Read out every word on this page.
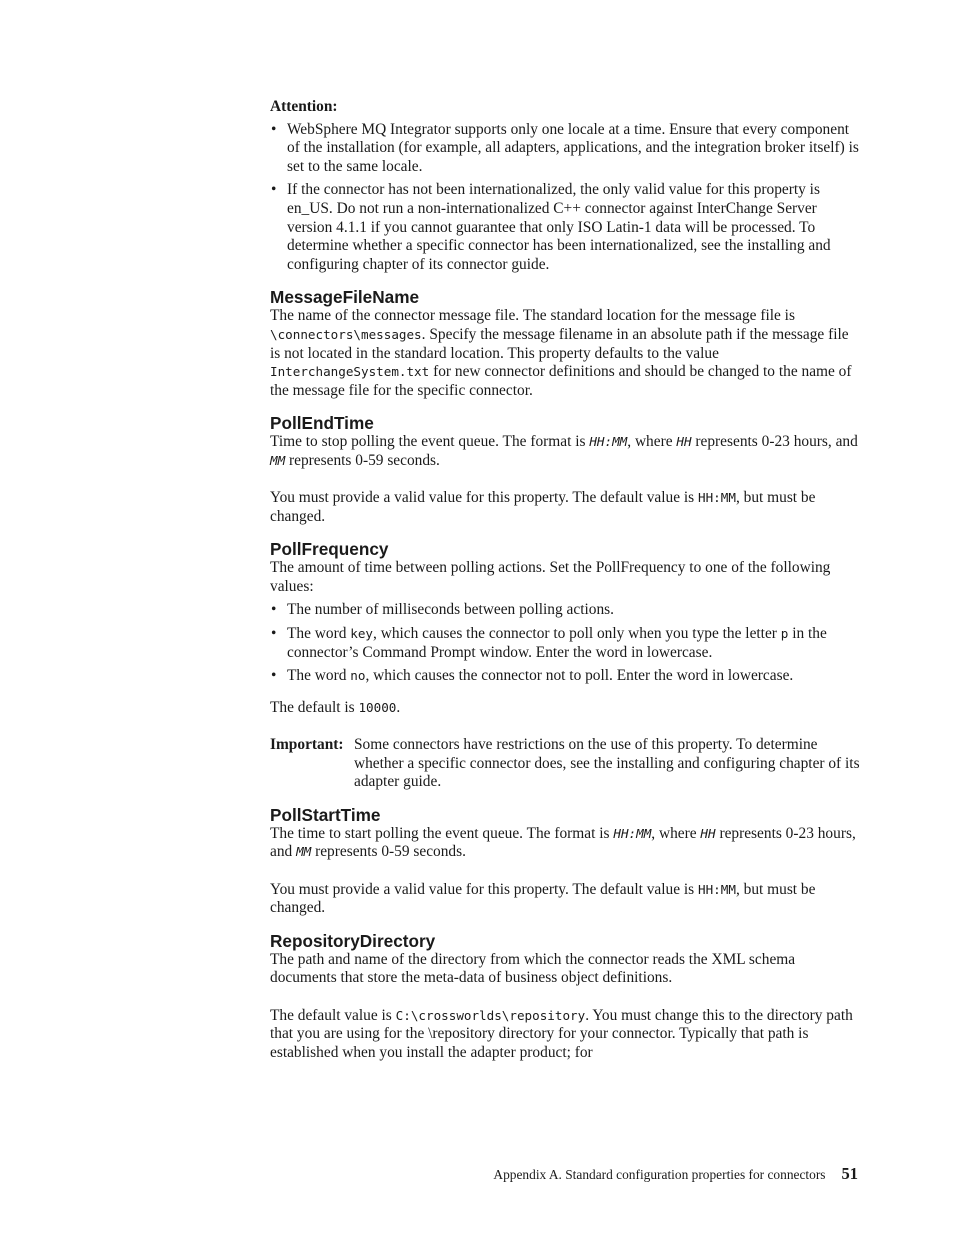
Attention:

• WebSphere MQ Integrator supports only one locale at a time. Ensure that every component of the installation (for example, all adapters, applications, and the integration broker itself) is set to the same locale.
• If the connector has not been internationalized, the only valid value for this property is en_US. Do not run a non-internationalized C++ connector against InterChange Server version 4.1.1 if you cannot guarantee that only ISO Latin-1 data will be processed. To determine whether a specific connector has been internationalized, see the installing and configuring chapter of its connector guide.
MessageFileName

The name of the connector message file. The standard location for the message file is \connectors\messages. Specify the message filename in an absolute path if the message file is not located in the standard location. This property defaults to the value InterchangeSystem.txt for new connector definitions and should be changed to the name of the message file for the specific connector.

PollEndTime

Time to stop polling the event queue. The format is HH:MM, where HH represents 0-23 hours, and MM represents 0-59 seconds.

You must provide a valid value for this property. The default value is HH:MM, but must be changed.

PollFrequency

The amount of time between polling actions. Set the PollFrequency to one of the following values:

• The number of milliseconds between polling actions.
• The word key, which causes the connector to poll only when you type the letter p in the connector’s Command Prompt window. Enter the word in lowercase.
• The word no, which causes the connector not to poll. Enter the word in lowercase.

The default is 10000.

Important: Some connectors have restrictions on the use of this property. To determine whether a specific connector does, see the installing and configuring chapter of its adapter guide.
PollStartTime

The time to start polling the event queue. The format is HH:MM, where HH represents 0-23 hours, and MM represents 0-59 seconds.

You must provide a valid value for this property. The default value is HH:MM, but must be changed.

RepositoryDirectory

The path and name of the directory from which the connector reads the XML schema documents that store the meta-data of business object definitions.

The default value is C:\crossworlds\repository. You must change this to the directory path that you are using for the \repository directory for your connector. Typically that path is established when you install the adapter product; for

Appendix A. Standard configuration properties for connectors 51
